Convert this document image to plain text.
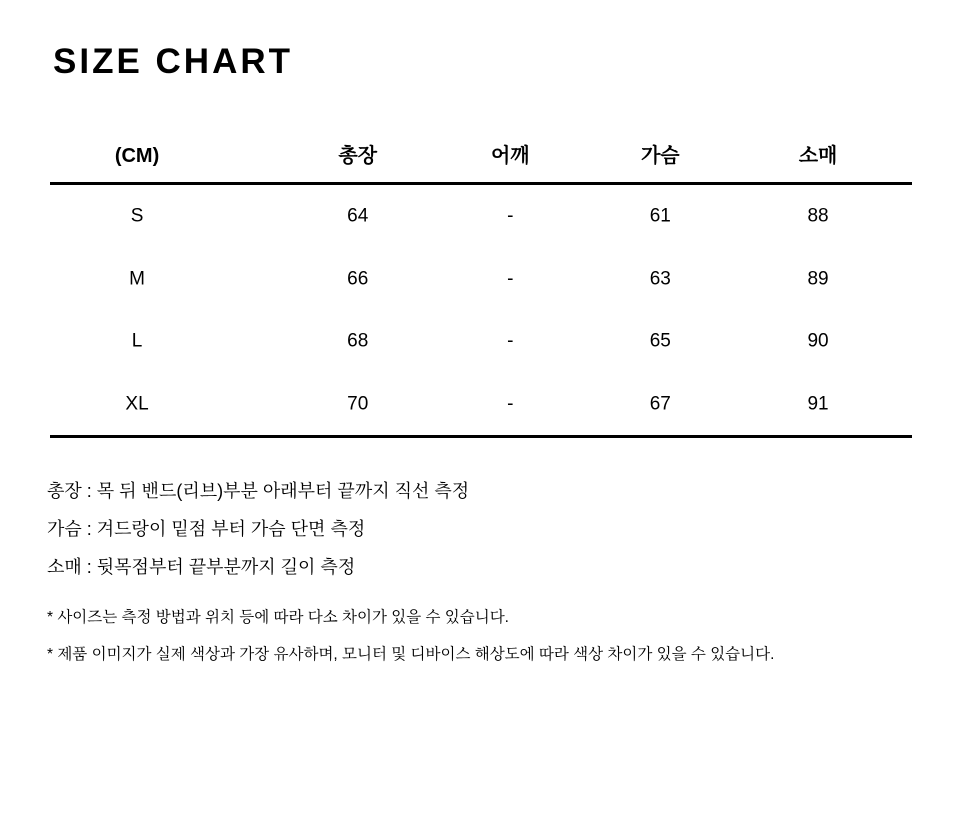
SIZE CHART
(CM)	총장	어깨	가슴	소매
S	64	-	61	88
M	66	-	63	89
L	68	-	65	90
XL	70	-	67	91

총장 : 목 뒤 밴드(리브)부분 아래부터 끝까지 직선 측정

가슴 : 겨드랑이 밑점 부터 가슴 단면 측정

소매 : 뒷목점부터 끝부분까지 길이 측정

* 사이즈는 측정 방법과 위치 등에 따라 다소 차이가 있을 수 있습니다.

* 제품 이미지가 실제 색상과 가장 유사하며, 모니터 및 디바이스 해상도에 따라 색상 차이가 있을 수 있습니다.
